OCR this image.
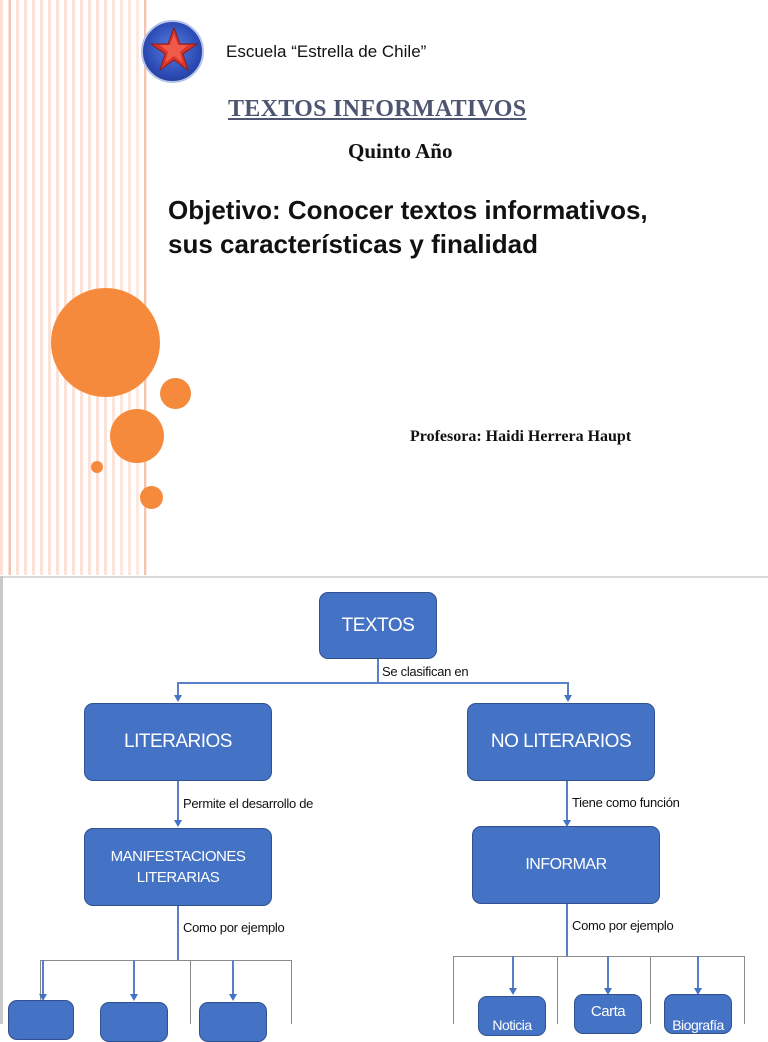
Escuela “Estrella de Chile”
TEXTOS INFORMATIVOS
Quinto Año
Objetivo: Conocer textos informativos,
sus características y finalidad
Profesora: Haidi Herrera Haupt
TEXTOS
Se clasifican en
LITERARIOS
Permite el desarrollo de
MANIFESTACIONES LITERARIAS
Como por ejemplo
NO LITERARIOS
Tiene como función
INFORMAR
Como por ejemplo
Noticia
Carta
Biografía
